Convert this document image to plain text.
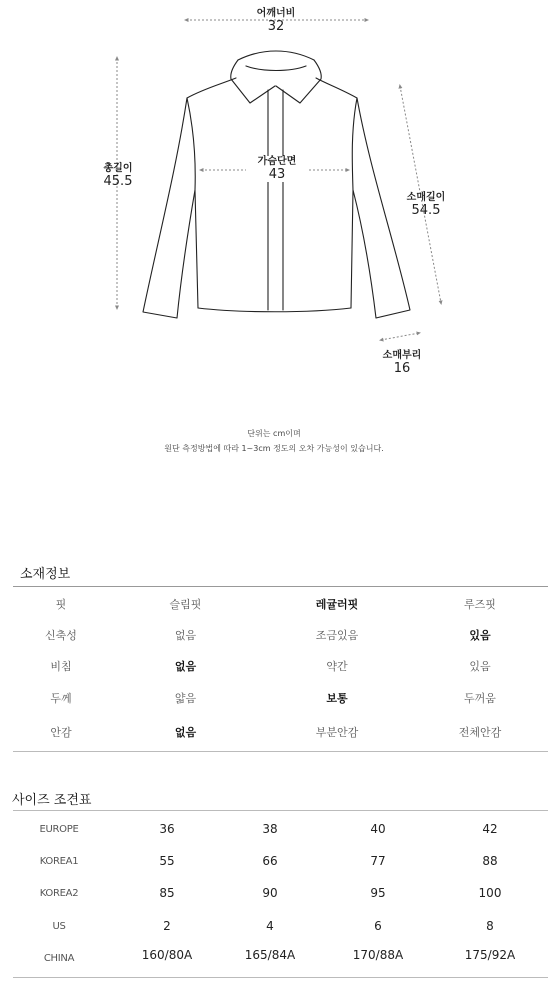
어깨너비
32
총길이
45.5
가슴단면
43
소매길이
54.5
소매부리
16
단위는 cm이며
원단 측정방법에 따라 1~3cm 정도의 오차 가능성이 있습니다.
소재정보
핏	슬림핏	레귤러핏	루즈핏
신축성	없음	조금있음	있음
비침	없음	약간	있음
두께	얇음	보통	두꺼움
안감	없음	부분안감	전체안감
사이즈 조견표
EUROPE	36	38	40	42
KOREA1	55	66	77	88
KOREA2	85	90	95	100
US	2	4	6	8
CHINA	160/80A	165/84A	170/88A	175/92A
